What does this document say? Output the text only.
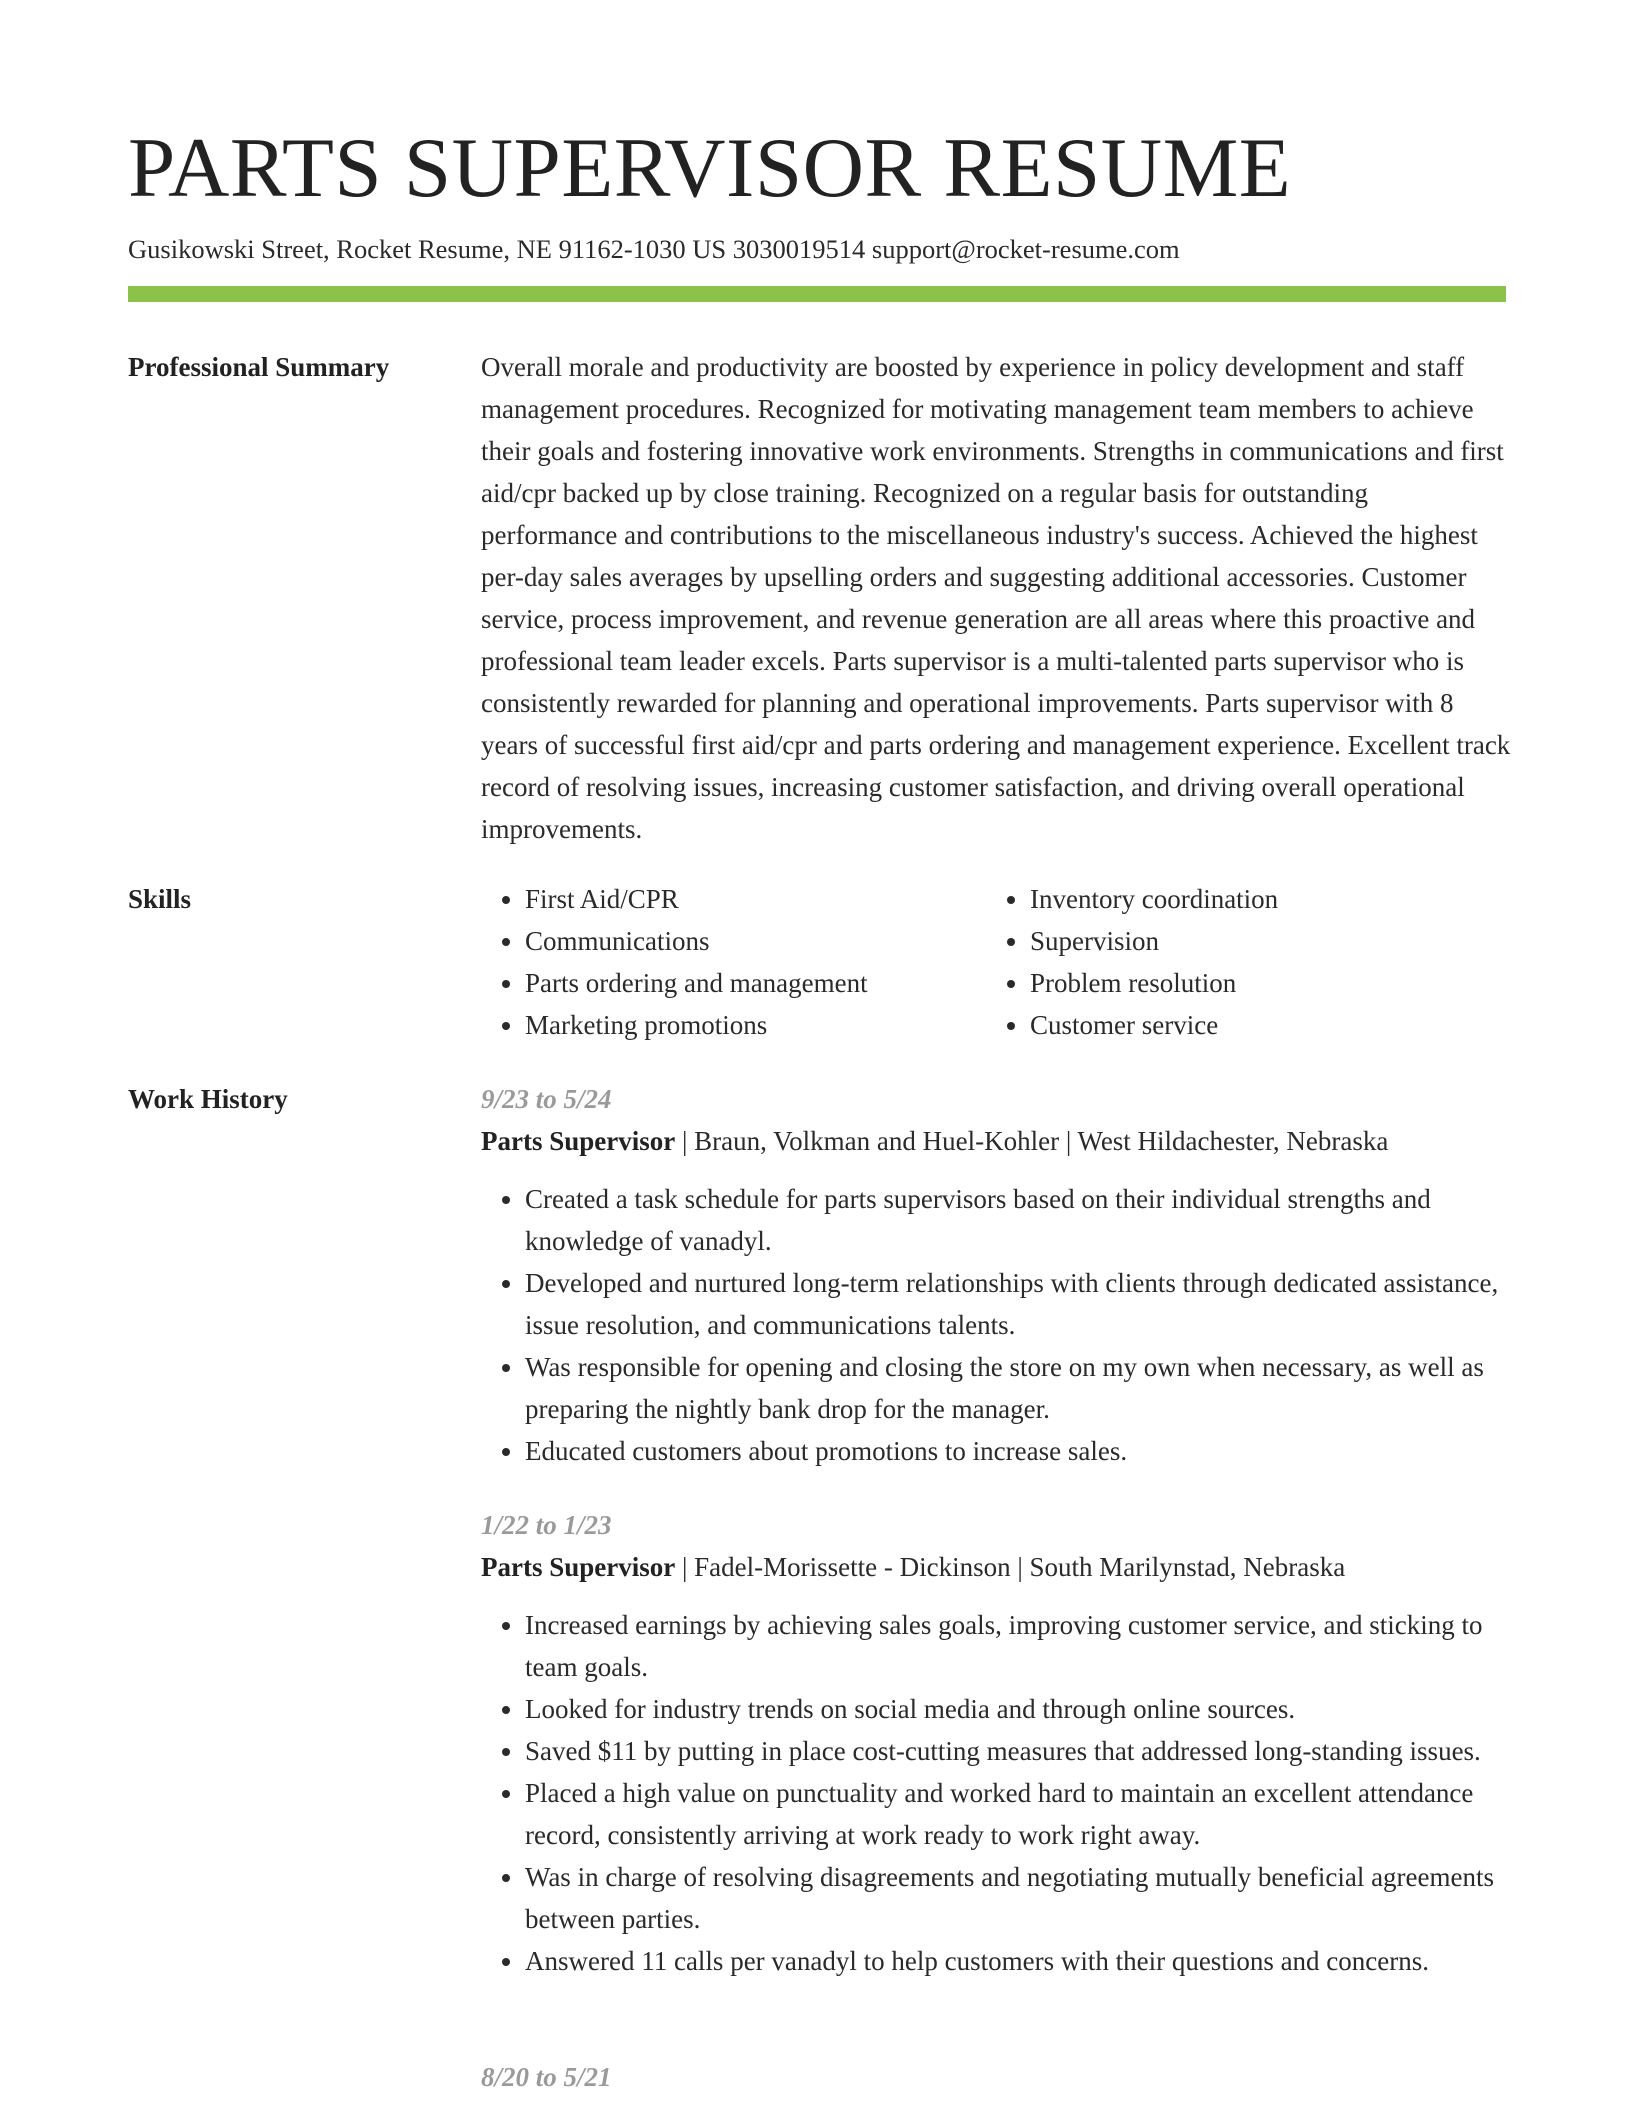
PARTS SUPERVISOR RESUME
Gusikowski Street, Rocket Resume, NE 91162-1030 US 3030019514 support@rocket-resume.com
Professional Summary	Overall morale and productivity are boosted by experience in policy development and staff management procedures. Recognized for motivating management team members to achieve their goals and fostering innovative work environments. Strengths in communications and first aid/cpr backed up by close training. Recognized on a regular basis for outstanding performance and contributions to the miscellaneous industry's success. Achieved the highest per-day sales averages by upselling orders and suggesting additional accessories. Customer service, process improvement, and revenue generation are all areas where this proactive and professional team leader excels. Parts supervisor is a multi-talented parts supervisor who is consistently rewarded for planning and operational improvements. Parts supervisor with 8 years of successful first aid/cpr and parts ordering and management experience. Excellent track record of resolving issues, increasing customer satisfaction, and driving overall operational improvements.

Skills
•	First Aid/CPR
• Communications
• Parts ordering and management
• Marketing promotions
• Inventory coordination
• Supervision
• Problem resolution
• Customer service
Work History	9/23 to 5/24
Parts Supervisor | Braun, Volkman and Huel-Kohler | West Hildachester, Nebraska
• Created a task schedule for parts supervisors based on their individual strengths and knowledge of vanadyl.
• Developed and nurtured long-term relationships with clients through dedicated assistance, issue resolution, and communications talents.
• Was responsible for opening and closing the store on my own when necessary, as well as preparing the nightly bank drop for the manager.
• Educated customers about promotions to increase sales.
1/22 to 1/23
Parts Supervisor | Fadel-Morissette - Dickinson | South Marilynstad, Nebraska
• Increased earnings by achieving sales goals, improving customer service, and sticking to team goals.
• Looked for industry trends on social media and through online sources.
• Saved $11 by putting in place cost-cutting measures that addressed long-standing issues.
• Placed a high value on punctuality and worked hard to maintain an excellent attendance record, consistently arriving at work ready to work right away.
• Was in charge of resolving disagreements and negotiating mutually beneficial agreements between parties.
• Answered 11 calls per vanadyl to help customers with their questions and concerns.
8/20 to 5/21
